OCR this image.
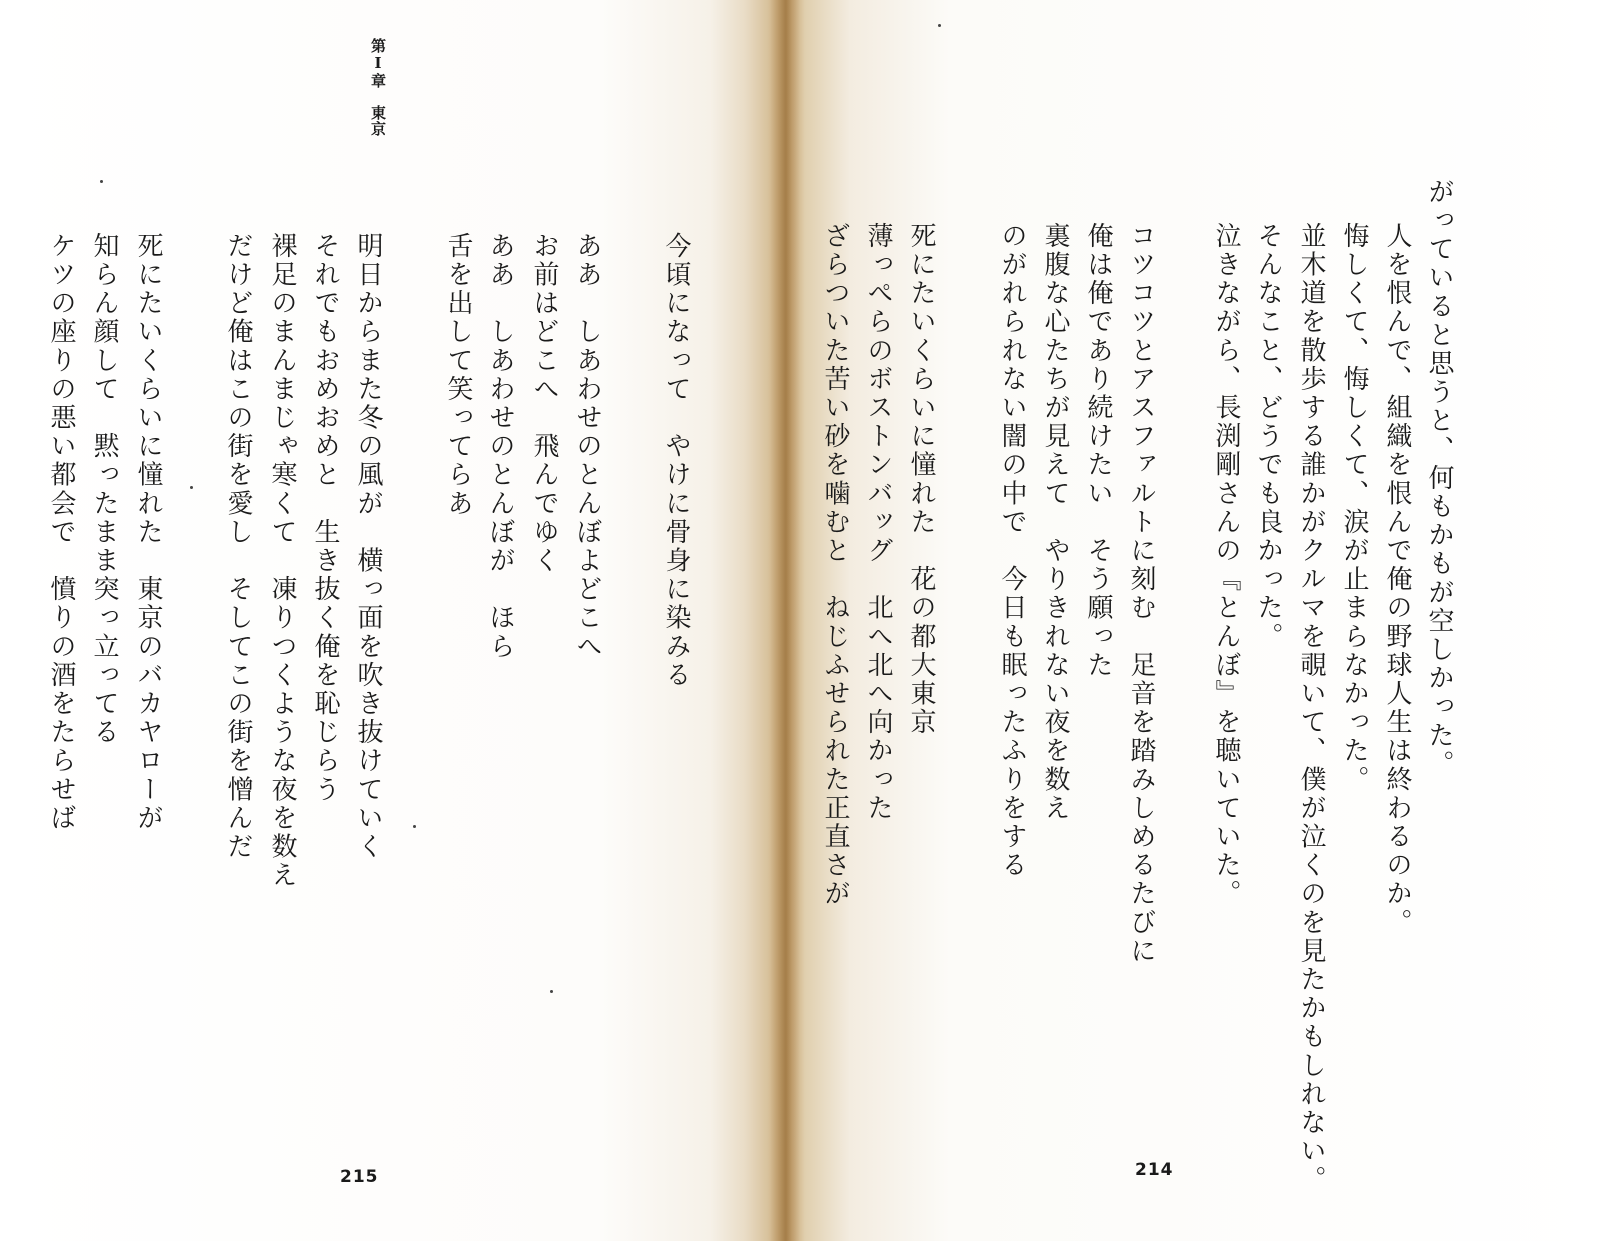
第Ⅰ章　東京
今頃になって　やけに骨身に染みる
舌を出して笑ってらあ ああ　しあわせのとんぼが　ほら お前はどこへ　飛んでゆく ああ　しあわせのとんぼよどこへ
明日からまた冬の風が　横っ面を吹き抜けていく
それでもおめおめと　生き抜く俺を恥じらう
裸足のまんまじゃ寒くて　凍りつくような夜を数え
だけど俺はこの街を愛し　そしてこの街を憎んだ
死にたいくらいに憧れた　東京のバカヤローが
知らん顔して　黙ったまま突っ立ってる
ケツの座りの悪い都会で　憤りの酒をたらせば
215
がっていると思うと、何もかもが空しかった。
人を恨んで、組織を恨んで俺の野球人生は終わるのか。
悔しくて、悔しくて、涙が止まらなかった。
並木道を散歩する誰かがクルマを覗いて、僕が泣くのを見たかもしれない。
そんなこと、どうでも良かった。
泣きながら、長渕剛さんの『とんぼ』を聴いていた。
コツコツとアスファルトに刻む　足音を踏みしめるたびに
俺は俺であり続けたい　そう願った
裏腹な心たちが見えて　やりきれない夜を数え
のがれられない闇の中で　今日も眠ったふりをする
死にたいくらいに憧れた　花の都大東京
薄っぺらのボストンバッグ　北へ北へ向かった
ざらついた苦い砂を噛むと　ねじふせられた正直さが
214
